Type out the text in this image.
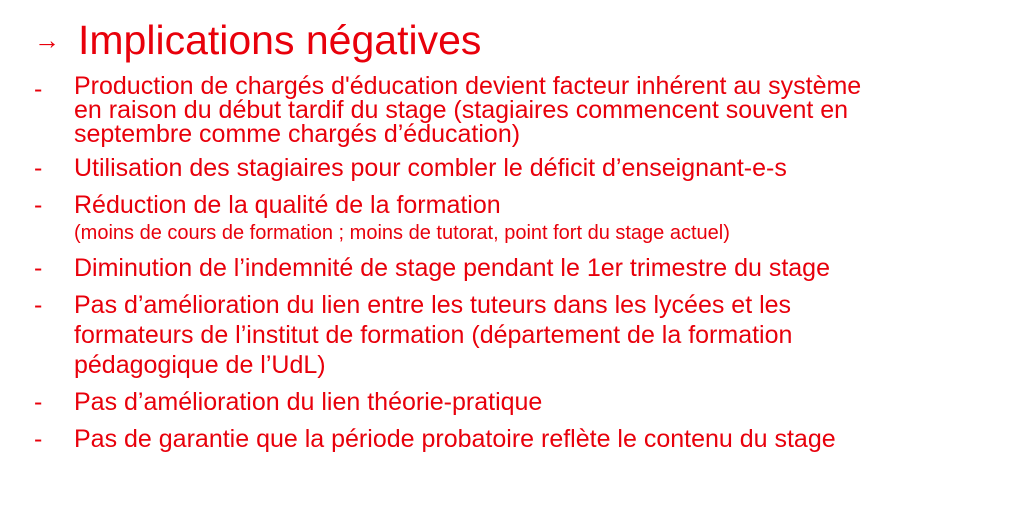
→ Implications négatives
-	Production de chargés d'éducation devient facteur inhérent au système
en raison du début tardif du stage (stagiaires commencent souvent en
septembre comme chargés d’éducation)
-	Utilisation des stagiaires pour combler le déficit d’enseignant-e-s
-	Réduction de la qualité de la formation
(moins de cours de formation ; moins de tutorat, point fort du stage actuel)
-	Diminution de l’indemnité de stage pendant le 1er trimestre du stage
-	Pas d’amélioration du lien entre les tuteurs dans les lycées et les
formateurs de l’institut de formation (département de la formation
pédagogique de l’UdL)
-	Pas d’amélioration du lien théorie-pratique
-	Pas de garantie que la période probatoire reflète le contenu du stage
